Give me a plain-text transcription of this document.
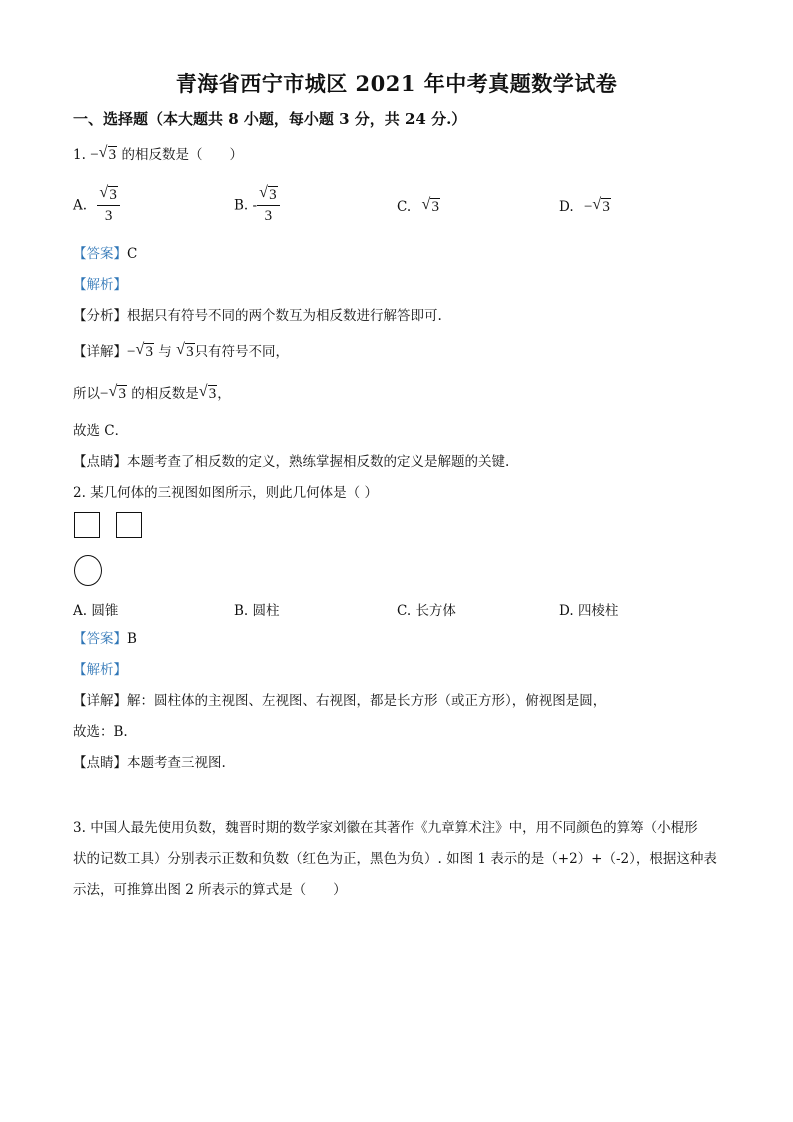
青海省西宁市城区 2021 年中考真题数学试卷
一、选择题（本大题共 8 小题，每小题 3 分，共 24 分.）
1. − √ 3 的相反数是（　　）
A. $\frac{√ 3}{3}$	B. - $\frac{√ 3}{3}$	C. √ 3	D. − √ 3
【答案】C
【解析】
【分析】根据只有符号不同的两个数互为相反数进行解答即可.
【详解】− √ 3 与 √ 3只有符号不同，
所以− √ 3 的相反数是 √ 3，
故选 C．
【点睛】本题考查了相反数的定义，熟练掌握相反数的定义是解题的关键.
2. 某几何体的三视图如图所示，则此几何体是（ ）
A. 圆锥	B. 圆柱	C. 长方体	D. 四棱柱
【答案】B
【解析】
【详解】解：圆柱体的主视图、左视图、右视图，都是长方形（或正方形），俯视图是圆，
故选：B.
【点睛】本题考查三视图.
3. 中国人最先使用负数，魏晋时期的数学家刘徽在其著作《九章算术注》中，用不同颜色的算筹（小棍形
状的记数工具）分别表示正数和负数（红色为正，黑色为负）. 如图 1 表示的是（+2）+（-2），根据这种表
示法，可推算出图 2 所表示的算式是（　　）
